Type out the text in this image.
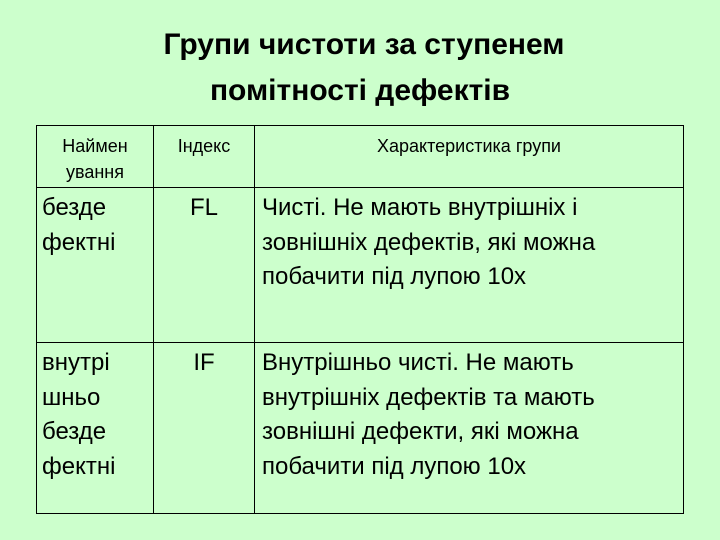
Групи чистоти за ступенем
помітності дефектів
Наймен
ування	Індекс	Характеристика групи
безде
фектні	FL	Чисті. Не мають внутрішніх і зовнішніх дефектів, які можна побачити під лупою 10х
внутрі
шньо
безде
фектні	IF	Внутрішньо чисті. Не мають внутрішніх дефектів та мають зовнішні дефекти, які можна побачити під лупою 10х
